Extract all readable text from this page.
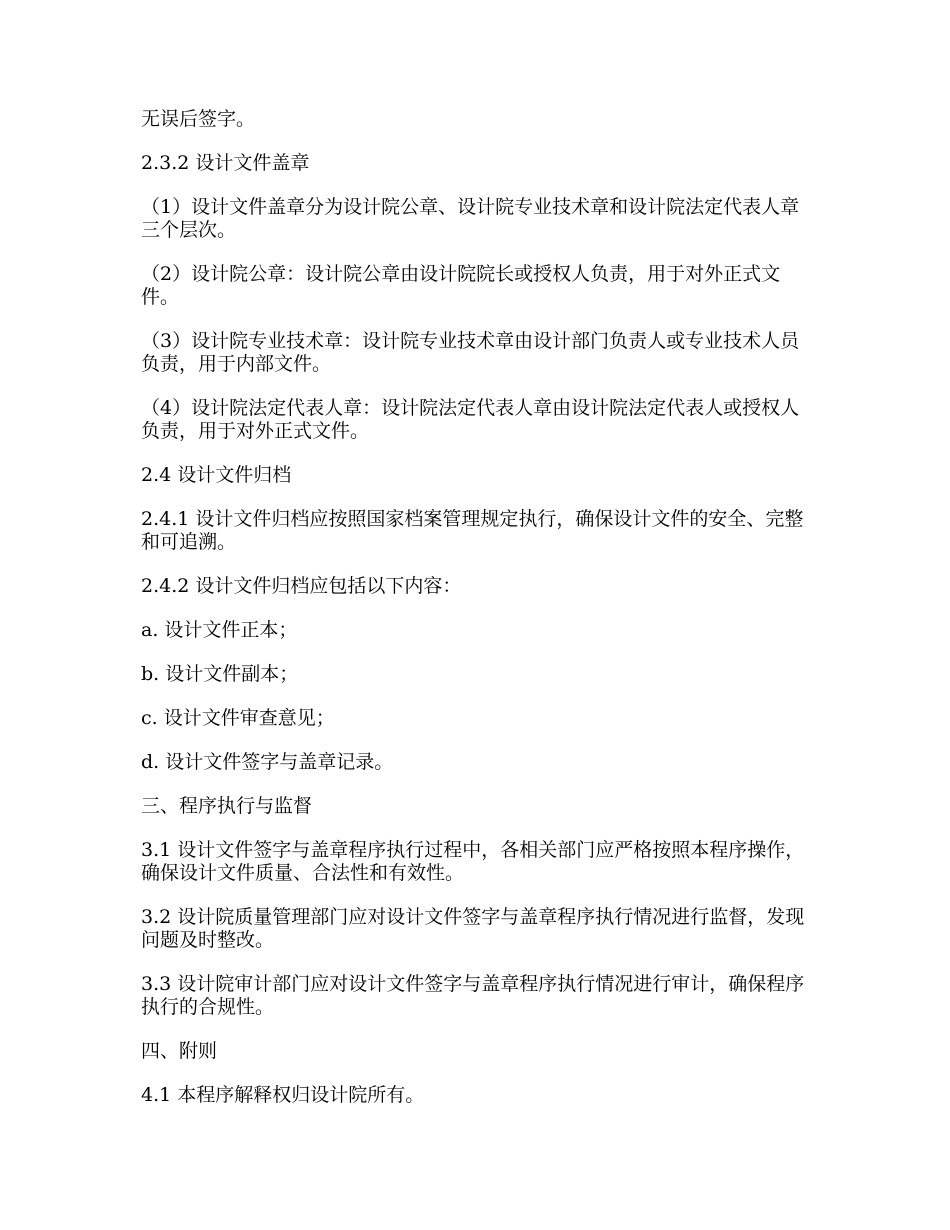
无误后签字。

2.3.2 设计文件盖章

（1）设计文件盖章分为设计院公章、设计院专业技术章和设计院法定代表人章三个层次。

（2）设计院公章：设计院公章由设计院院长或授权人负责，用于对外正式文件。

（3）设计院专业技术章：设计院专业技术章由设计部门负责人或专业技术人员负责，用于内部文件。

（4）设计院法定代表人章：设计院法定代表人章由设计院法定代表人或授权人负责，用于对外正式文件。

2.4 设计文件归档

2.4.1 设计文件归档应按照国家档案管理规定执行，确保设计文件的安全、完整和可追溯。

2.4.2 设计文件归档应包括以下内容：

a. 设计文件正本；

b. 设计文件副本；

c. 设计文件审查意见；

d. 设计文件签字与盖章记录。

三、程序执行与监督

3.1 设计文件签字与盖章程序执行过程中，各相关部门应严格按照本程序操作，确保设计文件质量、合法性和有效性。

3.2 设计院质量管理部门应对设计文件签字与盖章程序执行情况进行监督，发现问题及时整改。

3.3 设计院审计部门应对设计文件签字与盖章程序执行情况进行审计，确保程序执行的合规性。

四、附则

4.1 本程序解释权归设计院所有。
